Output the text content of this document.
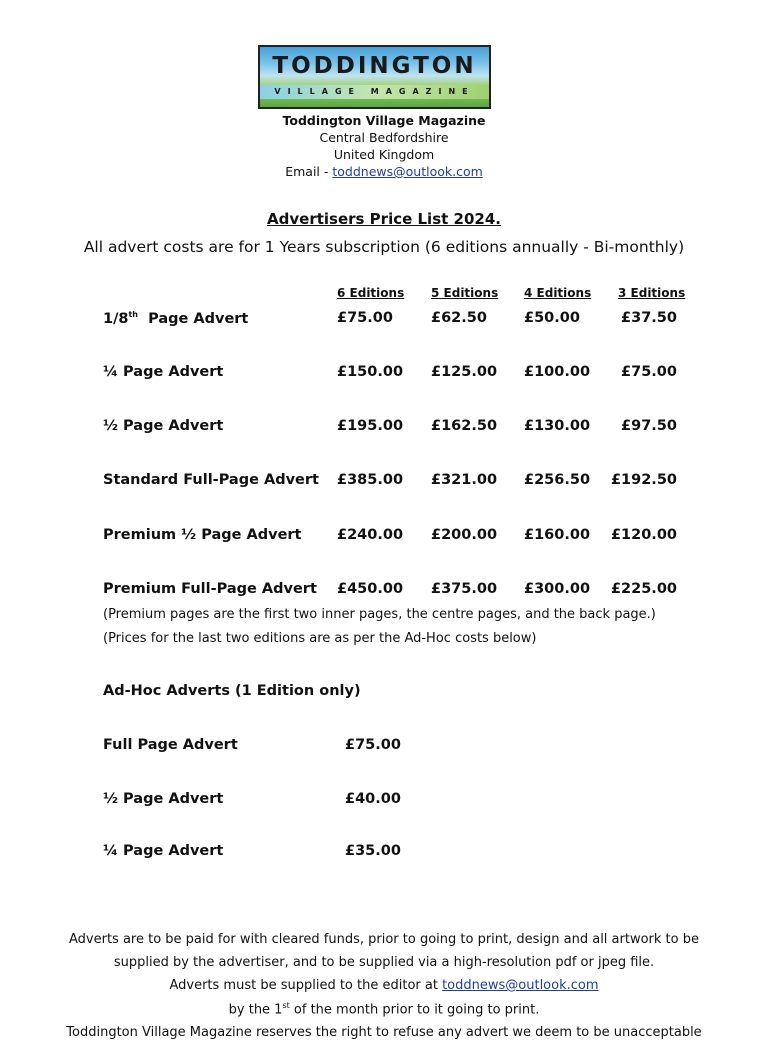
TODDINGTON
VILLAGE MAGAZINE
Toddington Village Magazine
Central Bedfordshire
United Kingdom
Email - toddnews@outlook.com
Advertisers Price List 2024.
All advert costs are for 1 Years subscription (6 editions annually - Bi-monthly)
6 Editions 5 Editions 4 Editions 3 Editions
1/8th  Page Advert	£75.00	£62.50	£50.00	£37.50
¼ Page Advert	£150.00 £125.00 £100.00 £75.00
½ Page Advert	£195.00 £162.50 £130.00 £97.50
Standard Full-Page Advert £385.00 £321.00 £256.50 £192.50
Premium ½ Page Advert £240.00 £200.00 £160.00 £120.00
Premium Full-Page Advert £450.00 £375.00 £300.00 £225.00
(Premium pages are the first two inner pages, the centre pages, and the back page.)
(Prices for the last two editions are as per the Ad-Hoc costs below)
Ad-Hoc Adverts (1 Edition only)
Full Page Advert	£75.00
½ Page Advert	£40.00
¼ Page Advert	£35.00
Adverts are to be paid for with cleared funds, prior to going to print, design and all artwork to be
supplied by the advertiser, and to be supplied via a high-resolution pdf or jpeg file.
Adverts must be supplied to the editor at toddnews@outlook.com
by the 1st of the month prior to it going to print.
Toddington Village Magazine reserves the right to refuse any advert we deem to be unacceptable
